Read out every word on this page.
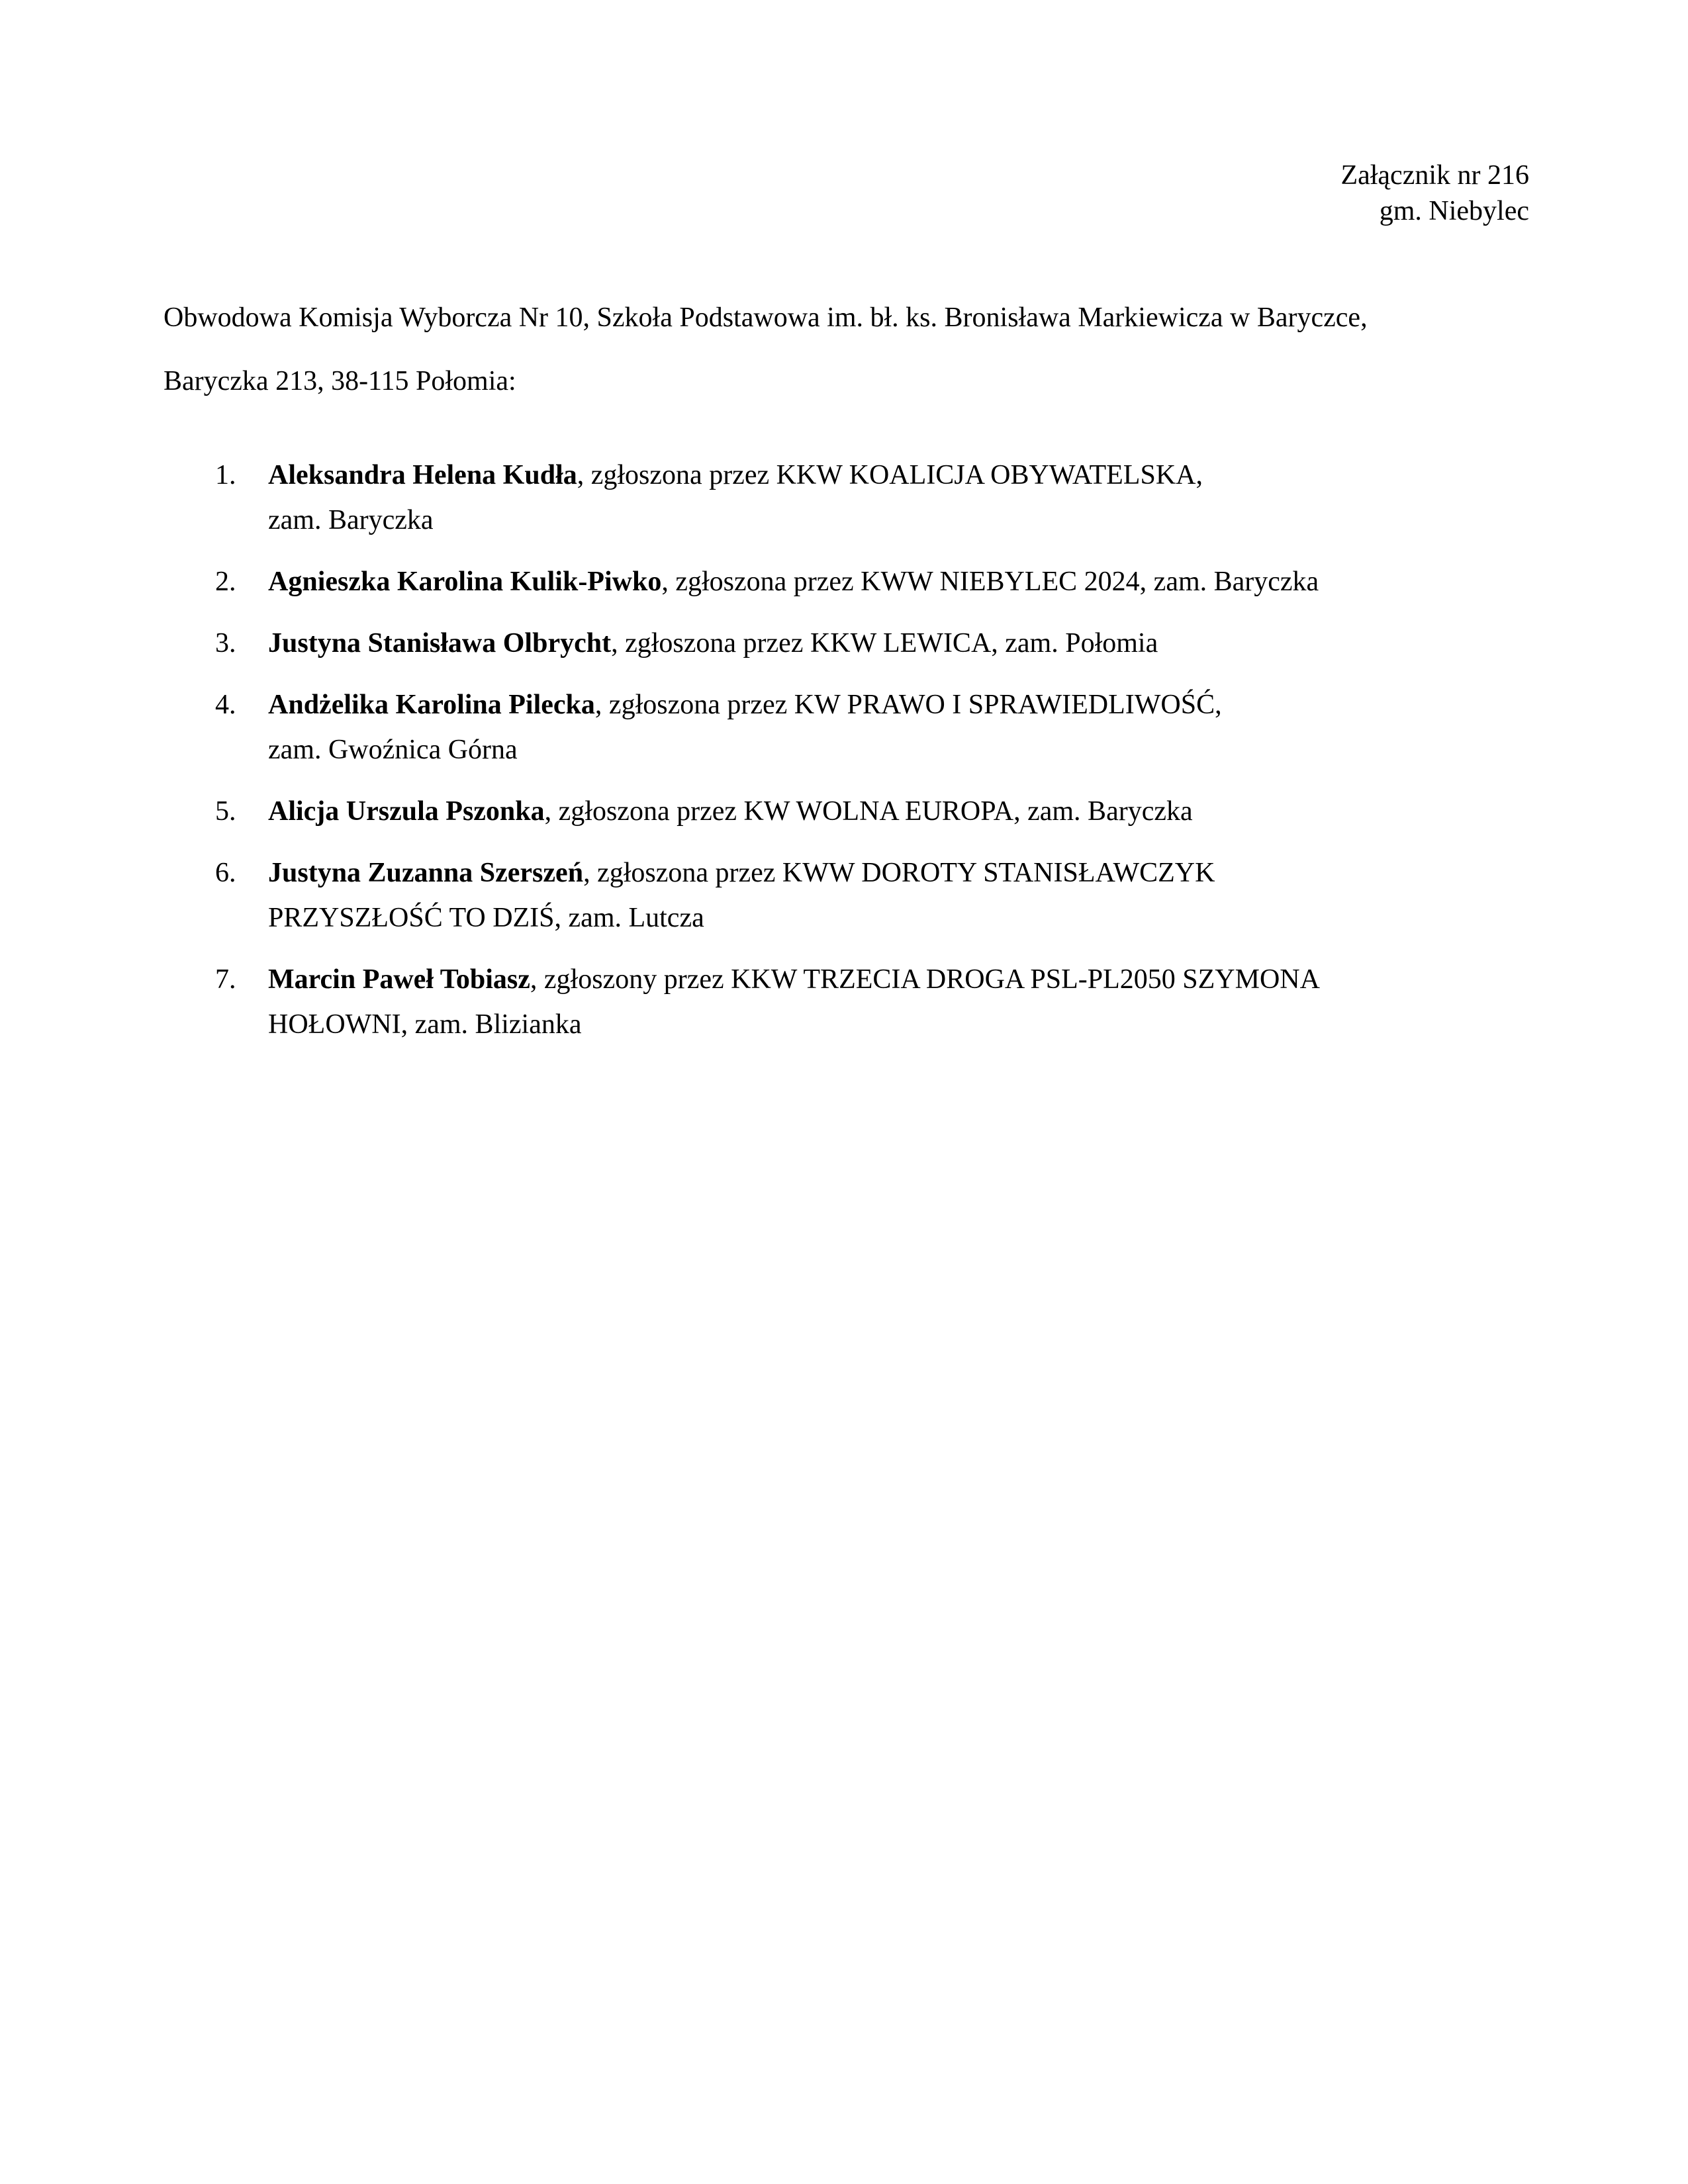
Załącznik nr 216
gm. Niebylec
Obwodowa Komisja Wyborcza Nr 10, Szkoła Podstawowa im. bł. ks. Bronisława Markiewicza w Baryczce,
Baryczka 213, 38-115 Połomia:
1. Aleksandra Helena Kudła, zgłoszona przez KKW KOALICJA OBYWATELSKA,
zam. Baryczka
2. Agnieszka Karolina Kulik-Piwko, zgłoszona przez KWW NIEBYLEC 2024, zam. Baryczka
3. Justyna Stanisława Olbrycht, zgłoszona przez KKW LEWICA, zam. Połomia
4. Andżelika Karolina Pilecka, zgłoszona przez KW PRAWO I SPRAWIEDLIWOŚĆ,
zam. Gwoźnica Górna
5. Alicja Urszula Pszonka, zgłoszona przez KW WOLNA EUROPA, zam. Baryczka
6. Justyna Zuzanna Szerszeń, zgłoszona przez KWW DOROTY STANISŁAWCZYK
PRZYSZŁOŚĆ TO DZIŚ, zam. Lutcza
7. Marcin Paweł Tobiasz, zgłoszony przez KKW TRZECIA DROGA PSL-PL2050 SZYMONA
HOŁOWNI, zam. Blizianka
